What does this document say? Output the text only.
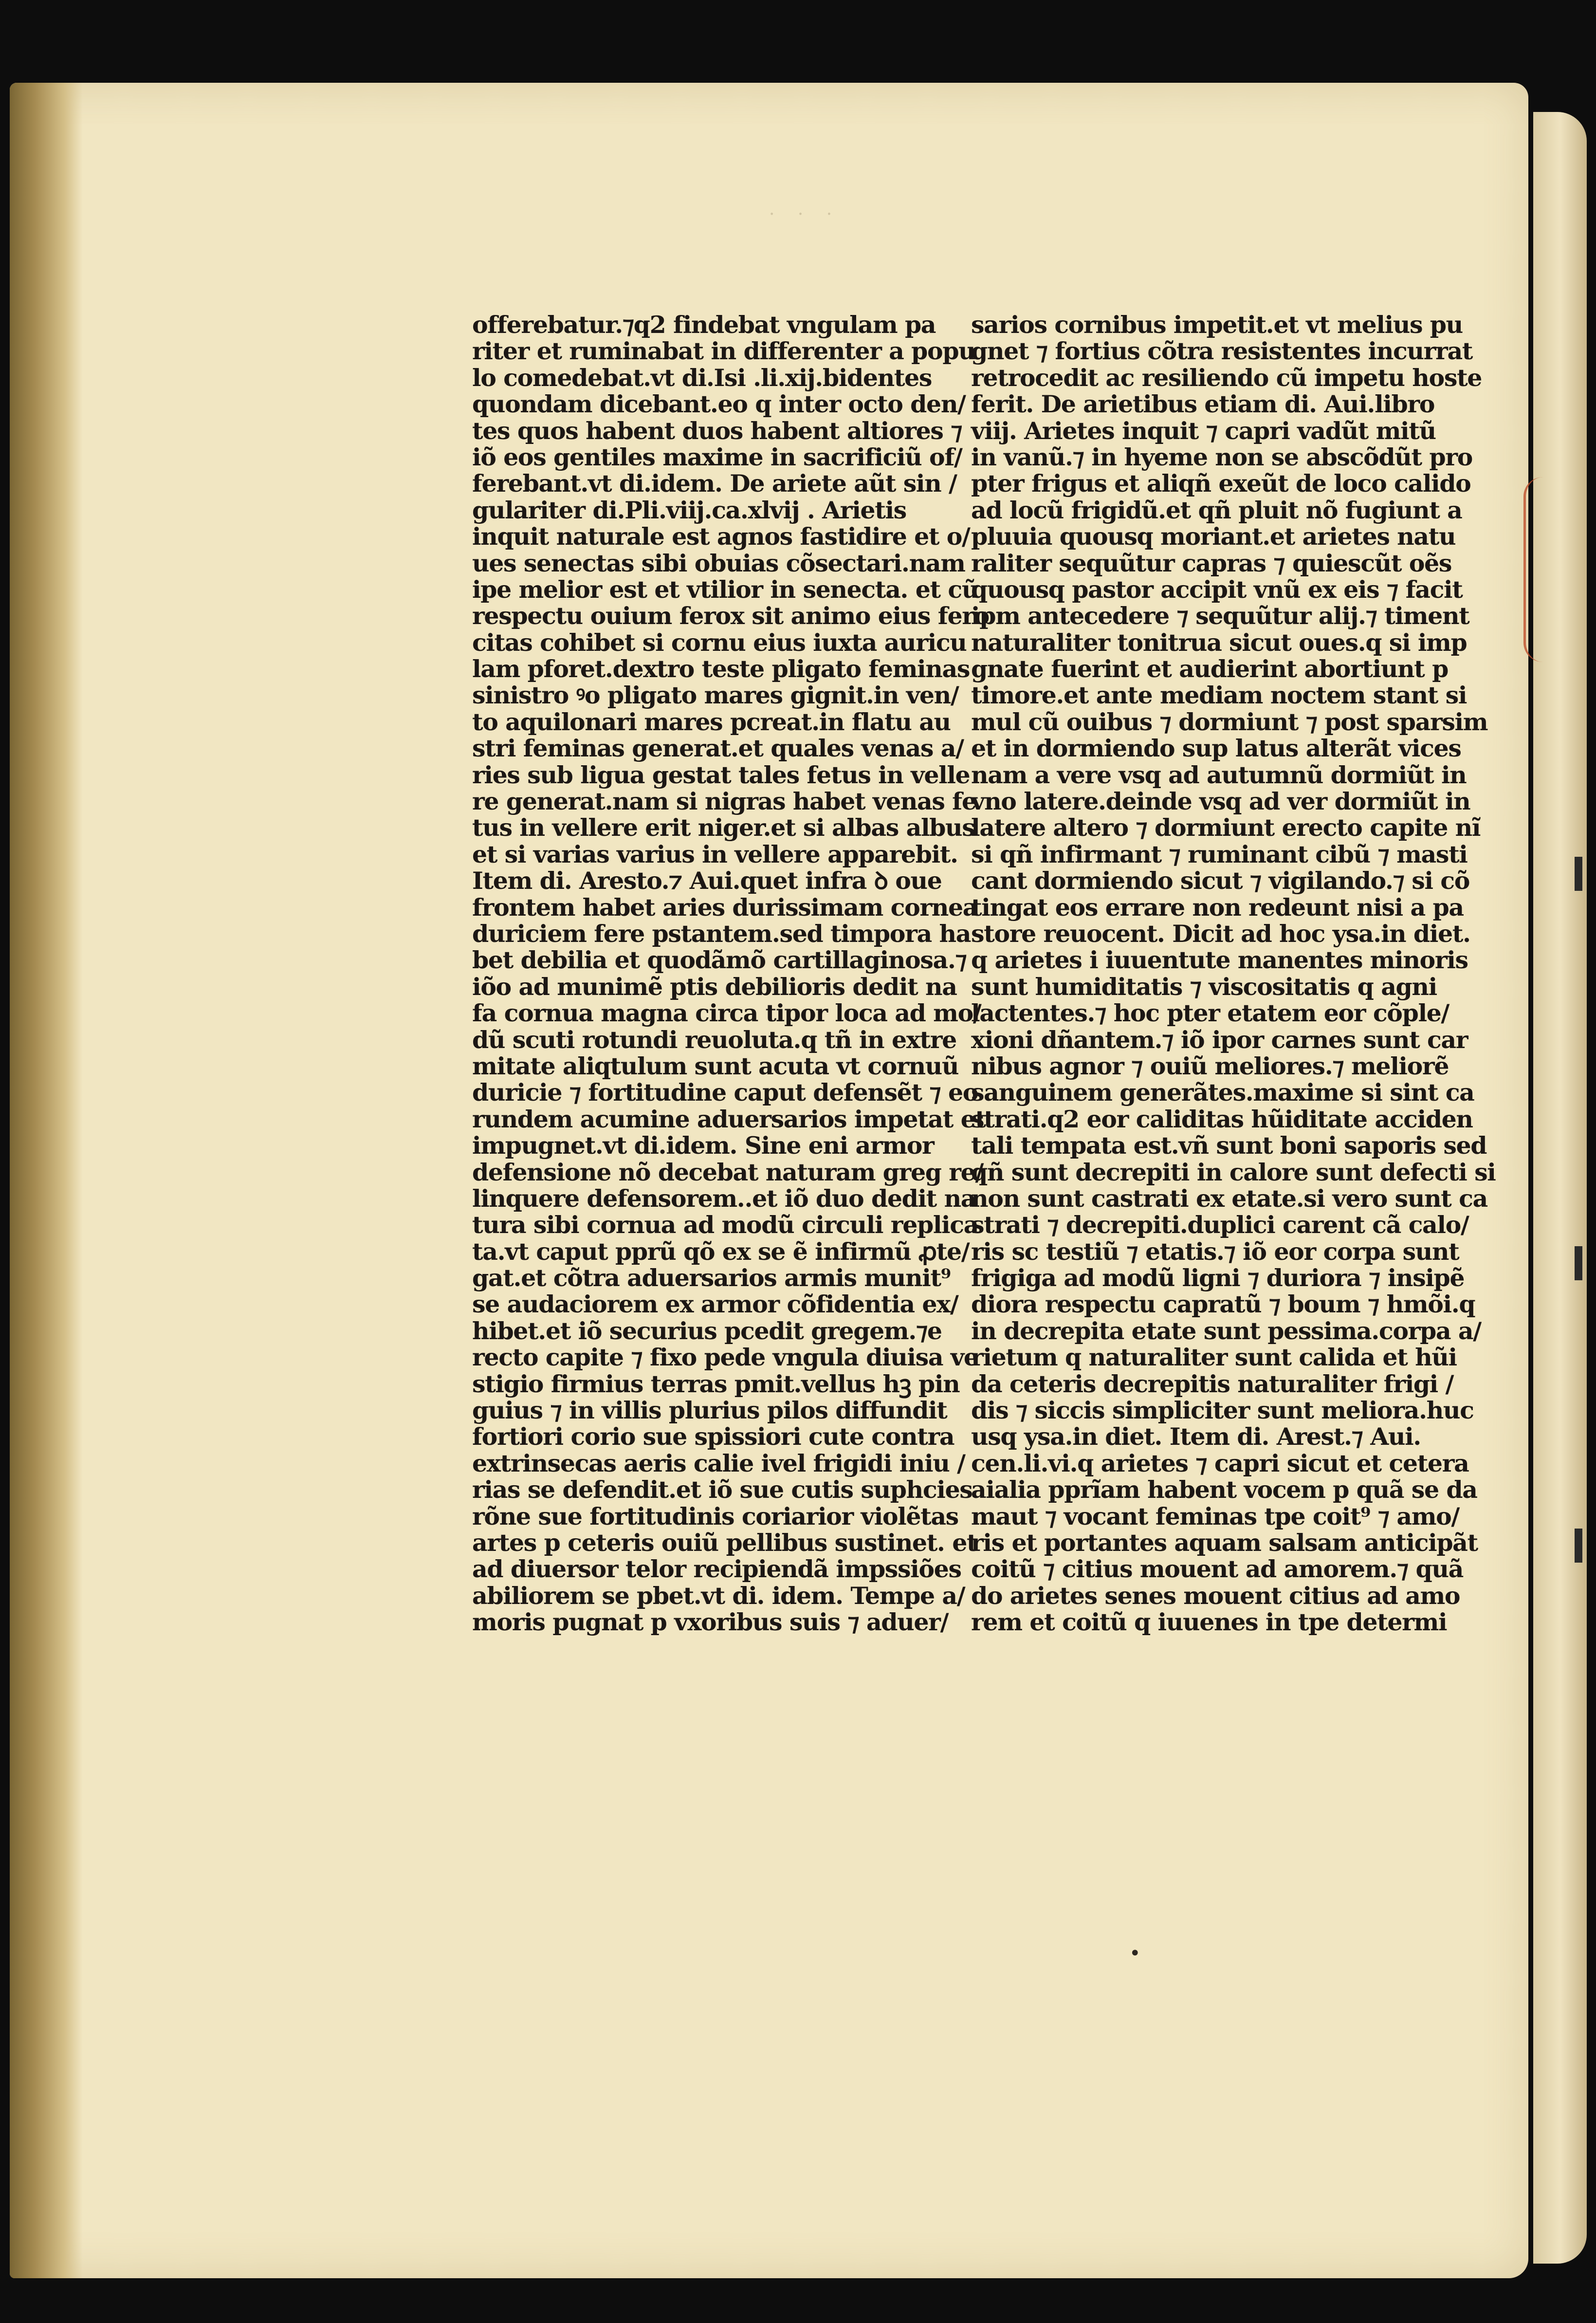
· · ·
offerebatur.⁊q2 findebat vngulam pa
riter et ruminabat in differenter a popu
lo comedebat.vt di.Isi .li.xij.bidentes
quondam dicebant.eo q inter octo den/
tes quos habent duos habent altiores ⁊
iõ eos gentiles maxime in sacrificiũ of/
ferebant.vt di.idem. De ariete aũt sin /
gulariter di.Pli.viij.ca.xlvij . Arietis
inquit naturale est agnos fastidire et o/
ues senectas sibi obuias cõsectari.nam
ipe melior est et vtilior in senecta. et cũ
respectu ouium ferox sit animo eius fero
citas cohibet si cornu eius iuxta auricu
lam pforet.dextro teste pligato feminas
sinistro ꝰo pligato mares gignit.in ven/
to aquilonari mares pcreat.in flatu au
stri feminas generat.et quales venas a/
ries sub ligua gestat tales fetus in velle
re generat.nam si nigras habet venas fe
tus in vellere erit niger.et si albas albus
et si varias varius in vellere apparebit.
Item di. Aresto.⁊ Aui.quet infra ꝺ oue
frontem habet aries durissimam cornea
duriciem fere pstantem.sed timpora ha
bet debilia et quodãmõ cartillaginosa.⁊
iõo ad munimẽ ptis debilioris dedit na
fa cornua magna circa tipor loca ad mo/
dũ scuti rotundi reuoluta.q tñ in extre
mitate aliqtulum sunt acuta vt cornuũ
duricie ⁊ fortitudine caput defensẽt ⁊ eo
rundem acumine aduersarios impetat et
impugnet.vt di.idem. Sine eni armor
defensione nõ decebat naturam greg re/
linquere defensorem..et iõ duo dedit na
tura sibi cornua ad modũ circuli replica
ta.vt caput pprũ qõ ex se ẽ infirmũ ꝓte/
gat.et cõtra aduersarios armis munit⁹
se audaciorem ex armor cõfidentia ex/
hibet.et iõ securius pcedit gregem.⁊e
recto capite ⁊ fixo pede vngula diuisa ve
stigio firmius terras pmit.vellus hꝫ pin
guius ⁊ in villis plurius pilos diffundit
fortiori corio sue spissiori cute contra
extrinsecas aeris calie ivel frigidi iniu /
rias se defendit.et iõ sue cutis suphcies
rõne sue fortitudinis coriarior violẽtas
artes p ceteris ouiũ pellibus sustinet. et
ad diuersor telor recipiendã impssiões
abiliorem se pbet.vt di. idem. Tempe a/
moris pugnat p vxoribus suis ⁊ aduer/
sarios cornibus impetit.et vt melius pu
gnet ⁊ fortius cõtra resistentes incurrat
retrocedit ac resiliendo cũ impetu hoste
ferit. De arietibus etiam di. Aui.libro
viij. Arietes inquit ⁊ capri vadũt mitũ
in vanũ.⁊ in hyeme non se abscõdũt pro
pter frigus et aliqñ exeũt de loco calido
ad locũ frigidũ.et qñ pluit nõ fugiunt a
pluuia quousq moriant.et arietes natu
raliter sequũtur capras ⁊ quiescũt oẽs
quousq pastor accipit vnũ ex eis ⁊ facit
ipm antecedere ⁊ sequũtur alij.⁊ timent
naturaliter tonitrua sicut oues.q si imp
gnate fuerint et audierint abortiunt p
timore.et ante mediam noctem stant si
mul cũ ouibus ⁊ dormiunt ⁊ post sparsim
et in dormiendo sup latus alterãt vices
nam a vere vsq ad autumnũ dormiũt in
vno latere.deinde vsq ad ver dormiũt in
latere altero ⁊ dormiunt erecto capite nĩ
si qñ infirmant ⁊ ruminant cibũ ⁊ masti
cant dormiendo sicut ⁊ vigilando.⁊ si cõ
tingat eos errare non redeunt nisi a pa
store reuocent. Dicit ad hoc ysa.in diet.
q arietes i iuuentute manentes minoris
sunt humiditatis ⁊ viscositatis q agni
lactentes.⁊ hoc pter etatem eor cõple/
xioni dñantem.⁊ iõ ipor carnes sunt car
nibus agnor ⁊ ouiũ meliores.⁊ meliorẽ
sanguinem generãtes.maxime si sint ca
strati.q2 eor caliditas hũiditate acciden
tali tempata est.vñ sunt boni saporis sed
qñ sunt decrepiti in calore sunt defecti si
non sunt castrati ex etate.si vero sunt ca
strati ⁊ decrepiti.duplici carent cã calo/
ris sc testiũ ⁊ etatis.⁊ iõ eor corpa sunt
frigiga ad modũ ligni ⁊ duriora ⁊ insipẽ
diora respectu capratũ ⁊ boum ⁊ hmõi.q
in decrepita etate sunt pessima.corpa a/
rietum q naturaliter sunt calida et hũi
da ceteris decrepitis naturaliter frigi /
dis ⁊ siccis simpliciter sunt meliora.huc
usq ysa.in diet. Item di. Arest.⁊ Aui.
cen.li.vi.q arietes ⁊ capri sicut et cetera
aialia pprĩam habent vocem p quã se da
maut ⁊ vocant feminas tpe coit⁹ ⁊ amo/
ris et portantes aquam salsam anticipãt
coitũ ⁊ citius mouent ad amorem.⁊ quã
do arietes senes mouent citius ad amo
rem et coitũ q iuuenes in tpe determi
